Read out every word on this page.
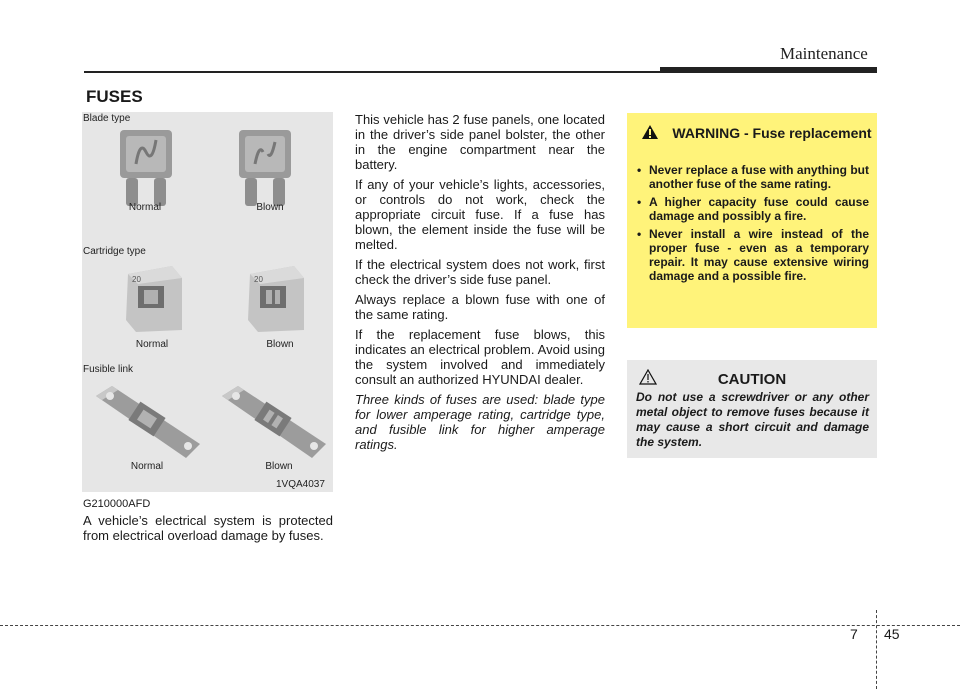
Maintenance
FUSES
Blade type
Cartridge type
Fusible link
Normal	Blown
20	20
Normal	Blown
Normal	Blown
1VQA4037
G210000AFD
A vehicle’s electrical system is protected from electrical overload damage by fuses.

This vehicle has 2 fuse panels, one located in the driver’s side panel bolster, the other in the engine compartment near the battery.

If any of your vehicle’s lights, accessories, or controls do not work, check the appropriate circuit fuse. If a fuse has blown, the element inside the fuse will be melted.

If the electrical system does not work, first check the driver’s side fuse panel.

Always replace a blown fuse with one of the same rating.

If the replacement fuse blows, this indicates an electrical problem. Avoid using the system involved and immediately consult an authorized HYUNDAI dealer.

Three kinds of fuses are used: blade type for lower amperage rating, cartridge type, and fusible link for higher amperage ratings.

WARNING - Fuse replacement
• Never replace a fuse with anything but another fuse of the same rating.
• A higher capacity fuse could cause damage and possibly a fire.
• Never install a wire instead of the proper fuse - even as a temporary repair. It may cause extensive wiring damage and a possible fire.
CAUTION
Do not use a screwdriver or any other metal object to remove fuses because it may cause a short circuit and damage the system.
7 45
